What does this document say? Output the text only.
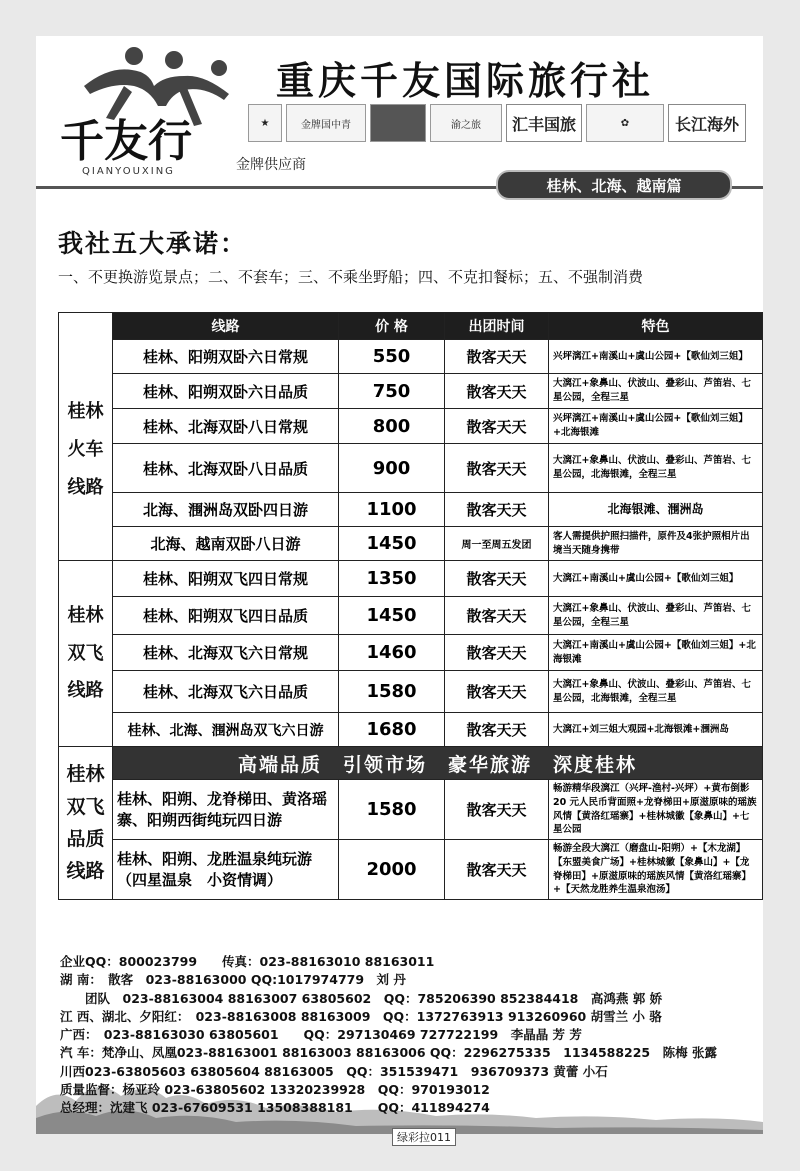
千友行
QIANYOUXING	金牌供应商
重庆千友国际旅行社
★	金牌国中青	渝之旅	汇丰国旅	✿	长江海外
桂林、北海、越南篇
我社五大承诺：
一、不更换游览景点；二、不套车；三、不乘坐野船；四、不克扣餐标；五、不强制消费
	线路	价 格	出团时间	特色
桂林
火车
线路	桂林、阳朔双卧六日常规	550	散客天天	兴坪漓江+南溪山+虞山公园+【歌仙刘三姐】
	桂林、阳朔双卧六日品质	750	散客天天	大漓江+象鼻山、伏波山、叠彩山、芦笛岩、七星公园，全程三星
	桂林、北海双卧八日常规	800	散客天天	兴坪漓江+南溪山+虞山公园+【歌仙刘三姐】+北海银滩
	桂林、北海双卧八日品质	900	散客天天	大漓江+象鼻山、伏波山、叠彩山、芦笛岩、七星公园，北海银滩，全程三星
	北海、涠洲岛双卧四日游	1100	散客天天	北海银滩、涠洲岛
	北海、越南双卧八日游	1450	周一至周五发团	客人需提供护照扫描件，原件及4张护照相片出境当天随身携带
桂林
双飞
线路	桂林、阳朔双飞四日常规	1350	散客天天	大漓江+南溪山+虞山公园+【歌仙刘三姐】
	桂林、阳朔双飞四日品质	1450	散客天天	大漓江+象鼻山、伏波山、叠彩山、芦笛岩、七星公园，全程三星
	桂林、北海双飞六日常规	1460	散客天天	大漓江+南溪山+虞山公园+【歌仙刘三姐】+北海银滩
	桂林、北海双飞六日品质	1580	散客天天	大漓江+象鼻山、伏波山、叠彩山、芦笛岩、七星公园，北海银滩，全程三星
	桂林、北海、涠洲岛双飞六日游	1680	散客天天	大漓江+刘三姐大观园+北海银滩+涠洲岛
桂林
双飞
品质
线路	高端品质　引领市场　豪华旅游　深度桂林			
	桂林、阳朔、龙脊梯田、黄洛瑶寨、阳朔西街纯玩四日游	1580	散客天天	畅游精华段漓江（兴坪-渔村-兴坪）+黄布倒影 20 元人民币背面照+龙脊梯田+原滋原味的瑶族风情【黄洛红瑶寨】+桂林城徽【象鼻山】+七星公园
	桂林、阳朔、龙胜温泉纯玩游（四星温泉　小资情调）	2000	散客天天	畅游全段大漓江（磨盘山-阳朔）+【木龙湖】【东盟美食广场】+桂林城徽【象鼻山】+【龙脊梯田】+原滋原味的瑶族风情【黄洛红瑶寨】+【天然龙胜养生温泉泡汤】
企业QQ：800023799　　传真：023-88163010 88163011
湖 南：　散客　023-88163000 QQ:1017974779　刘 丹
　　团队　023-88163004 88163007 63805602　QQ：785206390 852384418　高鸿燕 郭 娇
江 西、湖北、夕阳红：　023-88163008 88163009　QQ：1372763913 913260960 胡雪兰 小 骆
广西：　023-88163030 63805601　　QQ：297130469 727722199　李晶晶 芳 芳
汽 车：梵净山、凤凰023-88163001 88163003 88163006 QQ：2296275335　1134588225　陈梅 张露
川西023-63805603 63805604 88163005　QQ：351539471　936709373 黄蕾 小石
质量监督：杨亚玲 023-63805602 13320239928　QQ：970193012
总经理：沈建飞 023-67609531 13508388181　　QQ：411894274
绿彩拉011
